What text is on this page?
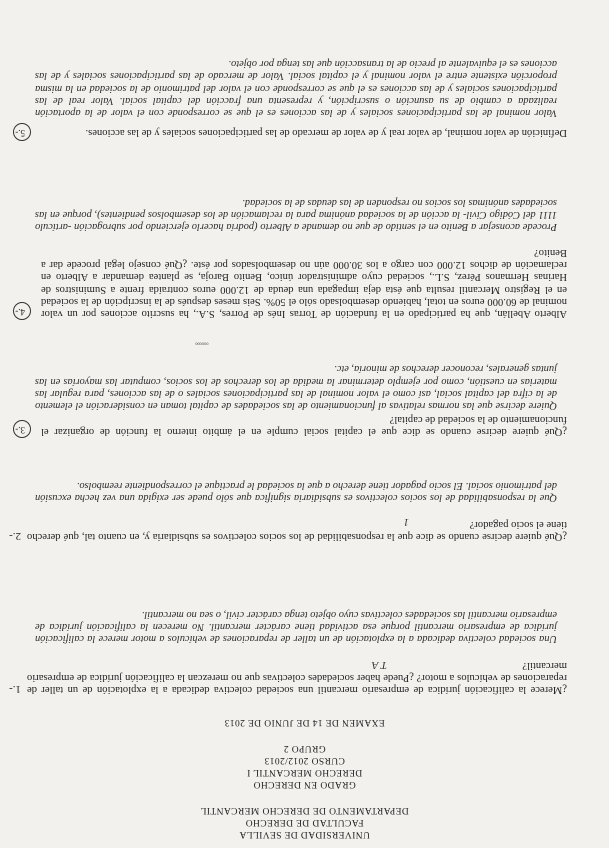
UNIVERSIDAD DE SEVILLA
FACULTAD DE DERECHO
DEPARTAMENTO DE DERECHO MERCANTIL
GRADO EN DERECHO
DERECHO MERCANTIL I
CURSO 2012/2013
GRUPO 2
EXAMEN DE 14 DE JUNIO DE 2013
1.- ¿Merece la calificación jurídica de empresario mercantil una sociedad colectiva dedicada a la explotación de un taller de reparaciones de vehículos a motor? ¿Puede haber sociedades colectivas que no merezcan la calificación jurídica de empresario mercantil?
T A
Una sociedad colectiva dedicada a la explotación de un taller de reparaciones de vehículos a motor merece la calificación jurídica de empresario mercantil porque esa actividad tiene carácter mercantil. No merecen la calificación jurídica de empresario mercantil las sociedades colectivas cuyo objeto tenga carácter civil, o sea no mercantil.
2.- ¿Qué quiere decirse cuando se dice que la responsabilidad de los socios colectivos es subsidiaria y, en cuanto tal, qué derecho tiene el socio pagador?
1
Que la responsabilidad de los socios colectivos es subsidiaria significa que sólo puede ser exigida una vez hecha excusión del patrimonio social. El socio pagador tiene derecho a que la sociedad le practique el correspondiente reembolso.
3.- ¿Qué quiere decirse cuando se dice que el capital social cumple en el ámbito interno la función de organizar el funcionamiento de la sociedad de capital?
Quiere decirse que las normas relativas al funcionamiento de las sociedades de capital toman en consideración el elemento de la cifra del capital social, así como el valor nominal de las participaciones sociales o de las acciones, para regular las materias en cuestión, como por ejemplo determinar la medida de los derechos de los socios, computar las mayorías en las juntas generales, reconocer derechos de minoría, etc.
◦◦◦◦◦◦
4.- Alberto Abellán, que ha participado en la fundación de Torras Inés de Porres, S.A., ha suscrito acciones por un valor nominal de 60.000 euros en total, habiendo desembolsado sólo el 50%. Seis meses después de la inscripción de la sociedad en el Registro Mercantil resulta que ésta deja impagada una deuda de 12.000 euros contraída frente a Suministros de Harinas Hermanos Pérez, S.L., sociedad cuyo administrador único, Benito Baroja, se plantea demandar a Alberto en reclamación de dichos 12.000 con cargo a los 30.000 aún no desembolsados por éste. ¿Qué consejo legal procede dar a Benito?
Procede aconsejar a Benito en el sentido de que no demande a Alberto (podría hacerlo ejerciendo por subrogación -artículo 1111 del Código Civil- la acción de la sociedad anónima para la reclamación de los desembolsos pendientes), porque en las sociedades anónimas los socios no responden de las deudas de la sociedad.
5.-	Definición de valor nominal, de valor real y de valor de mercado de las participaciones sociales y de las acciones.
Valor nominal de las participaciones sociales y de las acciones es el que se corresponde con el valor de la aportación realizada a cambio de su asunción o suscripción, y representa una fracción del capital social. Valor real de las participaciones sociales y de las acciones es el que se corresponde con el valor del patrimonio de la sociedad en la misma proporción existente entre el valor nominal y el capital social. Valor de mercado de las participaciones sociales y de las acciones es el equivalente al precio de la transacción que las tenga por objeto.
